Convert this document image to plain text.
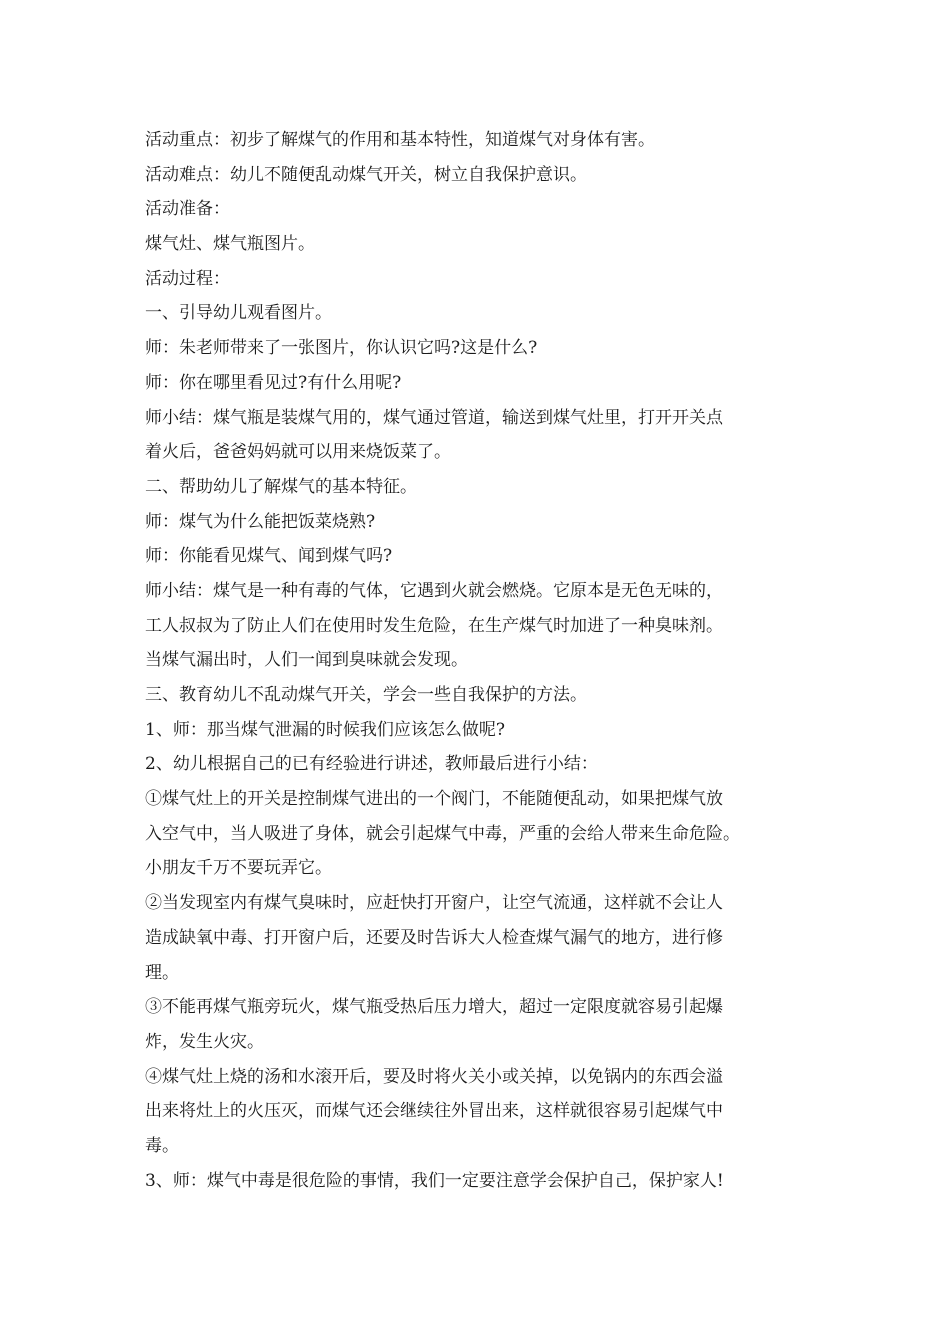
活动重点：初步了解煤气的作用和基本特性，知道煤气对身体有害。
活动难点：幼儿不随便乱动煤气开关，树立自我保护意识。
活动准备：
煤气灶、煤气瓶图片。
活动过程：
一、引导幼儿观看图片。
师：朱老师带来了一张图片，你认识它吗?这是什么?
师：你在哪里看见过?有什么用呢?
师小结：煤气瓶是装煤气用的，煤气通过管道，输送到煤气灶里，打开开关点
着火后，爸爸妈妈就可以用来烧饭菜了。
二、帮助幼儿了解煤气的基本特征。
师：煤气为什么能把饭菜烧熟?
师：你能看见煤气、闻到煤气吗?
师小结：煤气是一种有毒的气体，它遇到火就会燃烧。它原本是无色无味的，
工人叔叔为了防止人们在使用时发生危险，在生产煤气时加进了一种臭味剂。
当煤气漏出时，人们一闻到臭味就会发现。
三、教育幼儿不乱动煤气开关，学会一些自我保护的方法。
1、师：那当煤气泄漏的时候我们应该怎么做呢?
2、幼儿根据自己的已有经验进行讲述，教师最后进行小结：
①煤气灶上的开关是控制煤气进出的一个阀门，不能随便乱动，如果把煤气放
入空气中，当人吸进了身体，就会引起煤气中毒，严重的会给人带来生命危险。
小朋友千万不要玩弄它。
②当发现室内有煤气臭味时，应赶快打开窗户，让空气流通，这样就不会让人
造成缺氧中毒、打开窗户后，还要及时告诉大人检查煤气漏气的地方，进行修
理。
③不能再煤气瓶旁玩火，煤气瓶受热后压力增大，超过一定限度就容易引起爆
炸，发生火灾。
④煤气灶上烧的汤和水滚开后，要及时将火关小或关掉，以免锅内的东西会溢
出来将灶上的火压灭，而煤气还会继续往外冒出来，这样就很容易引起煤气中
毒。
3、师：煤气中毒是很危险的事情，我们一定要注意学会保护自己，保护家人!
